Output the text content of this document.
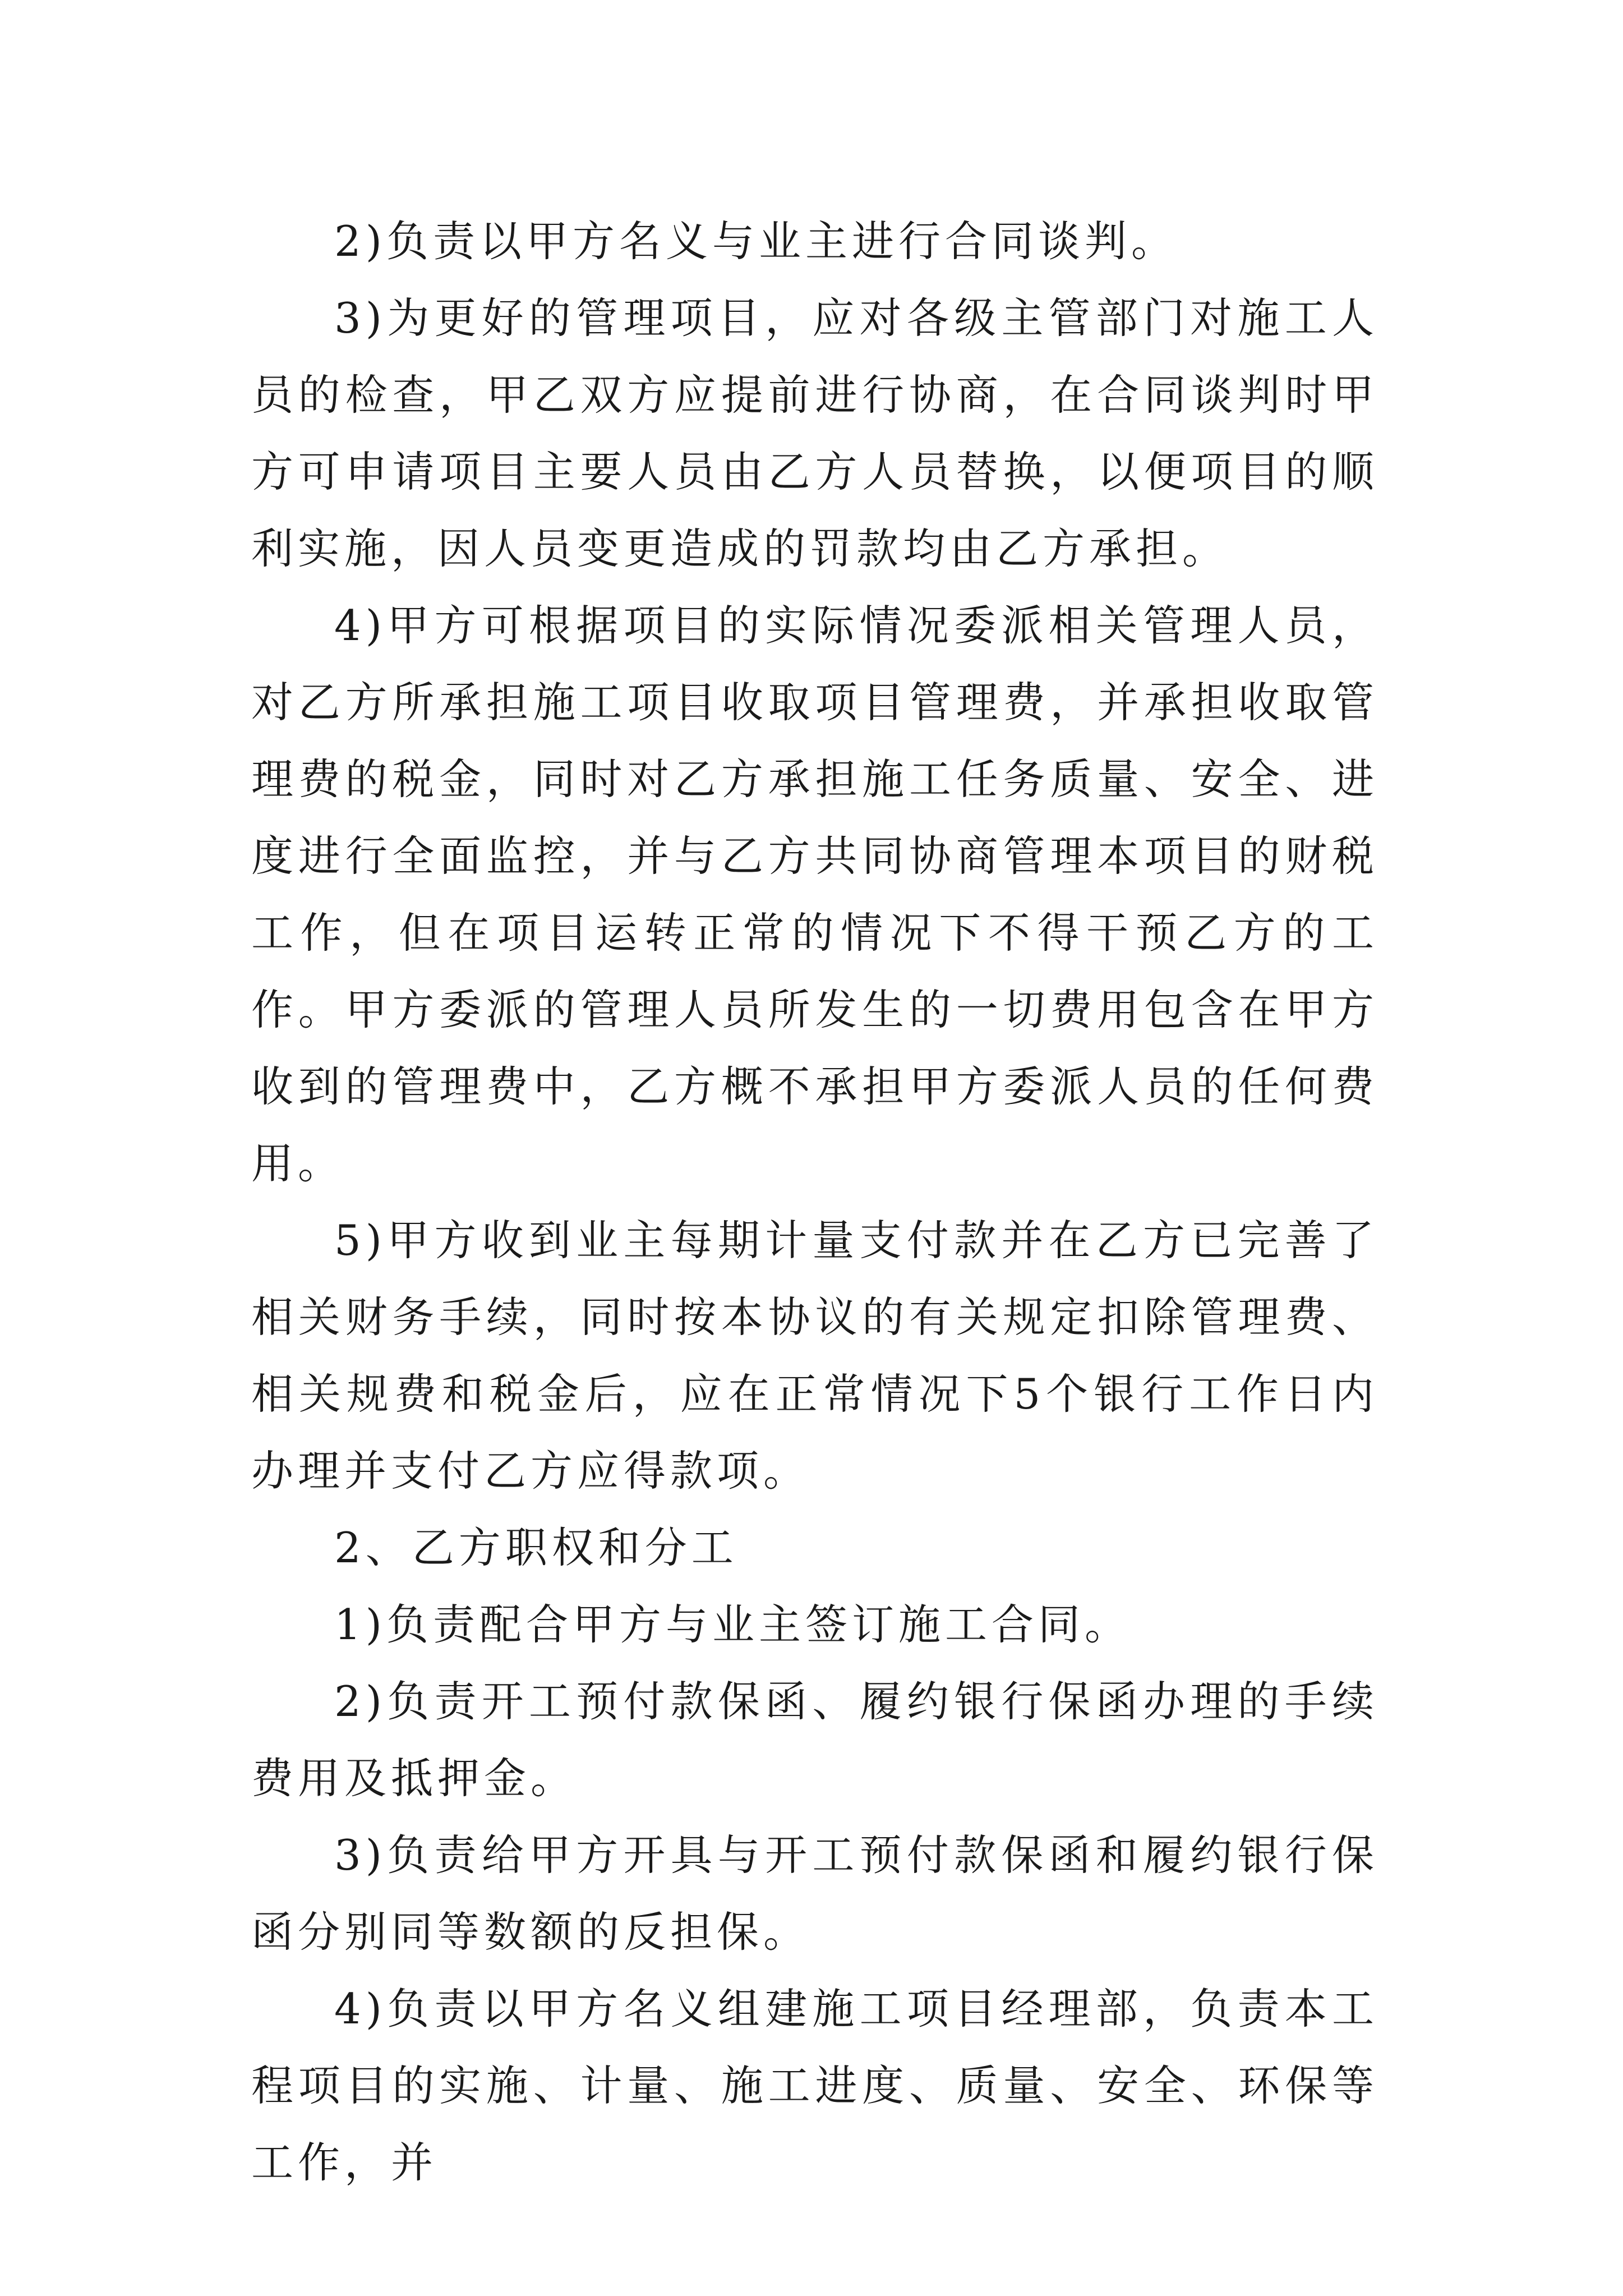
2)负责以甲方名义与业主进行合同谈判。

3)为更好的管理项目，应对各级主管部门对施工人员的检查，甲乙双方应提前进行协商，在合同谈判时甲方可申请项目主要人员由乙方人员替换，以便项目的顺利实施，因人员变更造成的罚款均由乙方承担。

4)甲方可根据项目的实际情况委派相关管理人员，对乙方所承担施工项目收取项目管理费，并承担收取管理费的税金，同时对乙方承担施工任务质量、安全、进度进行全面监控，并与乙方共同协商管理本项目的财税工作，但在项目运转正常的情况下不得干预乙方的工作。甲方委派的管理人员所发生的一切费用包含在甲方收到的管理费中，乙方概不承担甲方委派人员的任何费用。

5)甲方收到业主每期计量支付款并在乙方已完善了相关财务手续，同时按本协议的有关规定扣除管理费、相关规费和税金后，应在正常情况下5个银行工作日内办理并支付乙方应得款项。

2、乙方职权和分工

1)负责配合甲方与业主签订施工合同。

2)负责开工预付款保函、履约银行保函办理的手续费用及抵押金。

3)负责给甲方开具与开工预付款保函和履约银行保函分别同等数额的反担保。

4)负责以甲方名义组建施工项目经理部，负责本工程项目的实施、计量、施工进度、质量、安全、环保等工作，并
